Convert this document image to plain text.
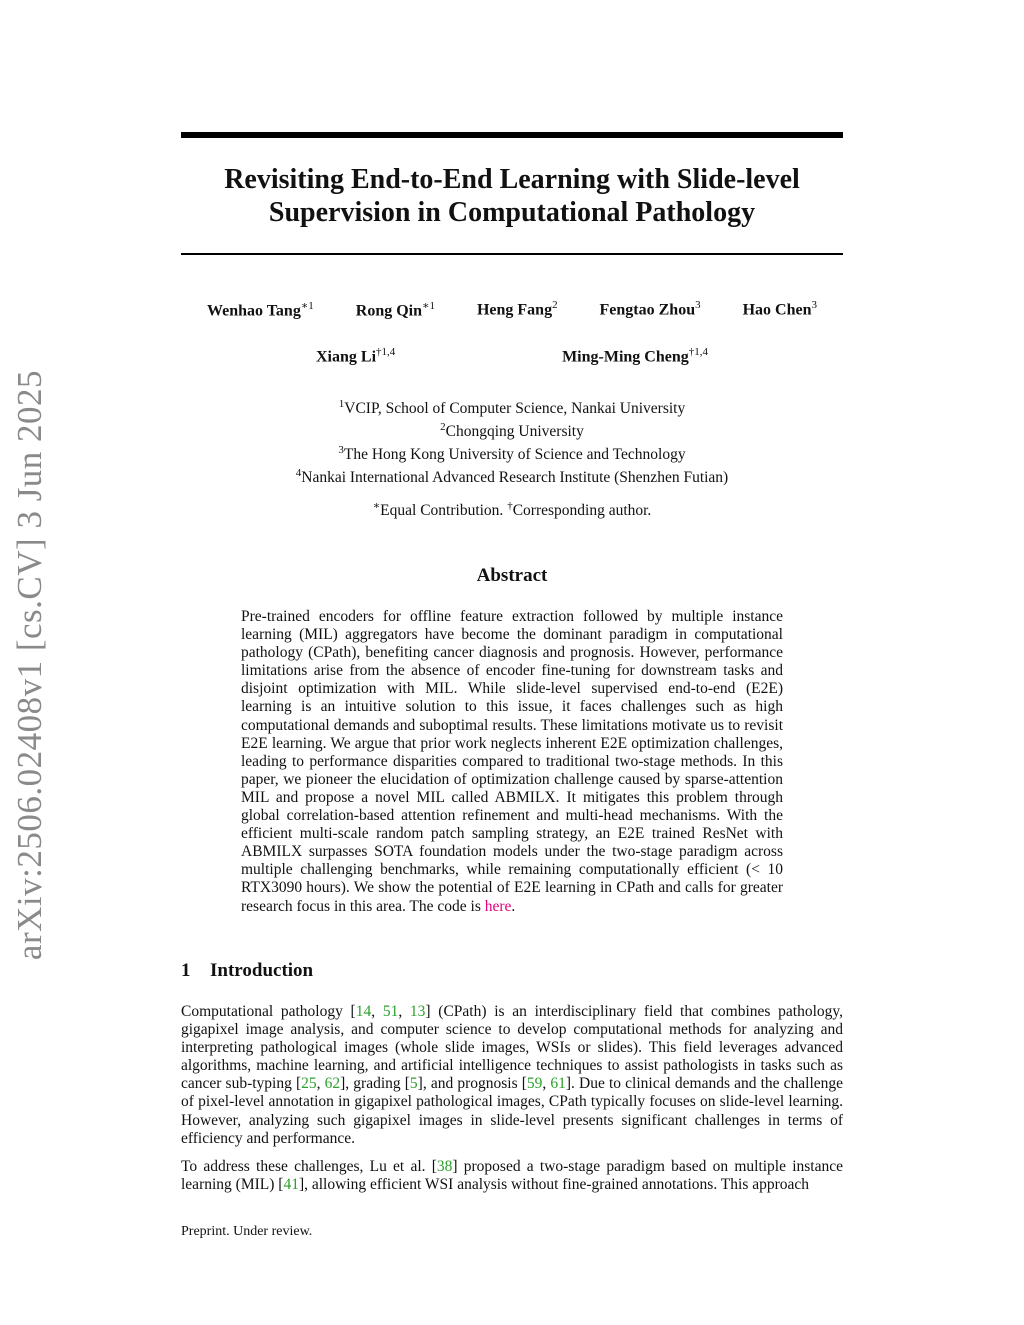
arXiv:2506.02408v1 [cs.CV] 3 Jun 2025
Revisiting End-to-End Learning with Slide-level
Supervision in Computational Pathology
Wenhao Tang$^{∗1}$	Rong Qin$^{∗1}$	Heng Fang$^2$	Fengtao Zhou$^3$	Hao Chen$^3$
Xiang Li$^{\dagger 1,4}$	Ming-Ming Cheng$^{\dagger 1,4}$
$^1$VCIP, School of Computer Science, Nankai University
$^2$Chongqing University
$^3$The Hong Kong University of Science and Technology
$^4$Nankai International Advanced Research Institute (Shenzhen Futian)
∗Equal Contribution. †Corresponding author.
Abstract
Pre-trained encoders for offline feature extraction followed by multiple instance learning (MIL) aggregators have become the dominant paradigm in computational pathology (CPath), benefiting cancer diagnosis and prognosis. However, performance limitations arise from the absence of encoder fine-tuning for downstream tasks and disjoint optimization with MIL. While slide-level supervised end-to-end (E2E) learning is an intuitive solution to this issue, it faces challenges such as high computational demands and suboptimal results. These limitations motivate us to revisit E2E learning. We argue that prior work neglects inherent E2E optimization challenges, leading to performance disparities compared to traditional two-stage methods. In this paper, we pioneer the elucidation of optimization challenge caused by sparse-attention MIL and propose a novel MIL called ABMILX. It mitigates this problem through global correlation-based attention refinement and multi-head mechanisms. With the efficient multi-scale random patch sampling strategy, an E2E trained ResNet with ABMILX surpasses SOTA foundation models under the two-stage paradigm across multiple challenging benchmarks, while remaining computationally efficient (< 10 RTX3090 hours). We show the potential of E2E learning in CPath and calls for greater research focus in this area. The code is here.
1 Introduction
Computational pathology [14, 51, 13] (CPath) is an interdisciplinary field that combines pathology, gigapixel image analysis, and computer science to develop computational methods for analyzing and interpreting pathological images (whole slide images, WSIs or slides). This field leverages advanced algorithms, machine learning, and artificial intelligence techniques to assist pathologists in tasks such as cancer sub-typing [25, 62], grading [5], and prognosis [59, 61]. Due to clinical demands and the challenge of pixel-level annotation in gigapixel pathological images, CPath typically focuses on slide-level learning. However, analyzing such gigapixel images in slide-level presents significant challenges in terms of efficiency and performance.
To address these challenges, Lu et al. [38] proposed a two-stage paradigm based on multiple instance learning (MIL) [41], allowing efficient WSI analysis without fine-grained annotations. This approach
Preprint. Under review.
